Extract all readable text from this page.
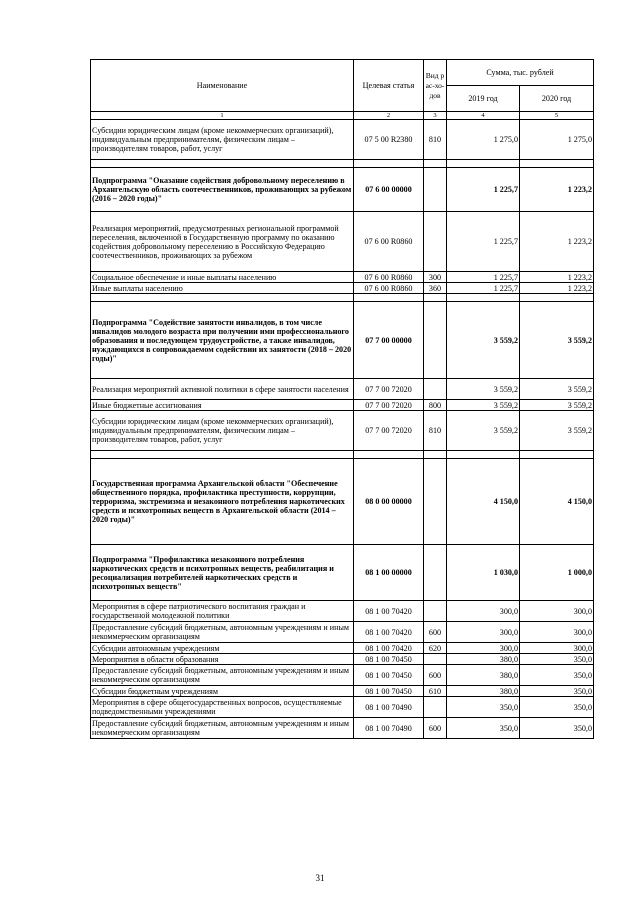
Наименование	Целевая статья	Вид рас-хо-дов	Сумма, тыс. рублей	
			2019 год	2020 год
1	2	3	4	5
Субсидии юридическим лицам (кроме некоммерческих организаций), индивидуальным предпринимателям, физическим лицам – производителям товаров, работ, услуг	07 5 00 R2380	810	1 275,0	1 275,0

Подпрограмма "Оказание содействия добровольному переселению в Архангельскую область соотечественников, проживающих за рубежом (2016 – 2020 годы)"	07 6 00 00000		1 225,7	1 223,2
Реализация мероприятий, предусмотренных региональной программой переселения, включенной в Государственную программу по оказанию содействия добровольному переселению в Российскую Федерацию соотечественников, проживающих за рубежом	07 6 00 R0860		1 225,7	1 223,2
Социальное обеспечение и иные выплаты населению	07 6 00 R0860	300	1 225,7	1 223,2
Иные выплаты населению	07 6 00 R0860	360	1 225,7	1 223,2

Подпрограмма "Содействие занятости инвалидов, в том числе инвалидов молодого возраста при получении ими профессионального образования и последующем трудоустройстве, а также инвалидов, нуждающихся в сопровождаемом содействии их занятости (2018 – 2020 годы)"	07 7 00 00000		3 559,2	3 559,2
Реализация мероприятий активной политики в сфере занятости населения	07 7 00 72020		3 559,2	3 559,2
Иные бюджетные ассигнования	07 7 00 72020	800	3 559,2	3 559,2
Субсидии юридическим лицам (кроме некоммерческих организаций), индивидуальным предпринимателям, физическим лицам – производителям товаров, работ, услуг	07 7 00 72020	810	3 559,2	3 559,2

Государственная программа Архангельской области "Обеспечение общественного порядка, профилактика преступности, коррупции, терроризма, экстремизма и незаконного потребления наркотических средств и психотропных веществ в Архангельской области (2014 – 2020 годы)"	08 0 00 00000		4 150,0	4 150,0
Подпрограмма "Профилактика незаконного потребления наркотических средств и психотропных веществ, реабилитация и ресоциализация потребителей наркотических средств и психотропных веществ"	08 1 00 00000		1 030,0	1 000,0
Мероприятия в сфере патриотического воспитания граждан и государственной молодежной политики	08 1 00 70420		300,0	300,0
Предоставление субсидий бюджетным, автономным учреждениям и иным некоммерческим организациям	08 1 00 70420	600	300,0	300,0
Субсидии автономным учреждениям	08 1 00 70420	620	300,0	300,0
Мероприятия в области образования	08 1 00 70450		380,0	350,0
Предоставление субсидий бюджетным, автономным учреждениям и иным некоммерческим организациям	08 1 00 70450	600	380,0	350,0
Субсидии бюджетным учреждениям	08 1 00 70450	610	380,0	350,0
Мероприятия в сфере общегосударственных вопросов, осуществляемые подведомственными учреждениями	08 1 00 70490		350,0	350,0
Предоставление субсидий бюджетным, автономным учреждениям и иным некоммерческим организациям	08 1 00 70490	600	350,0	350,0
31
